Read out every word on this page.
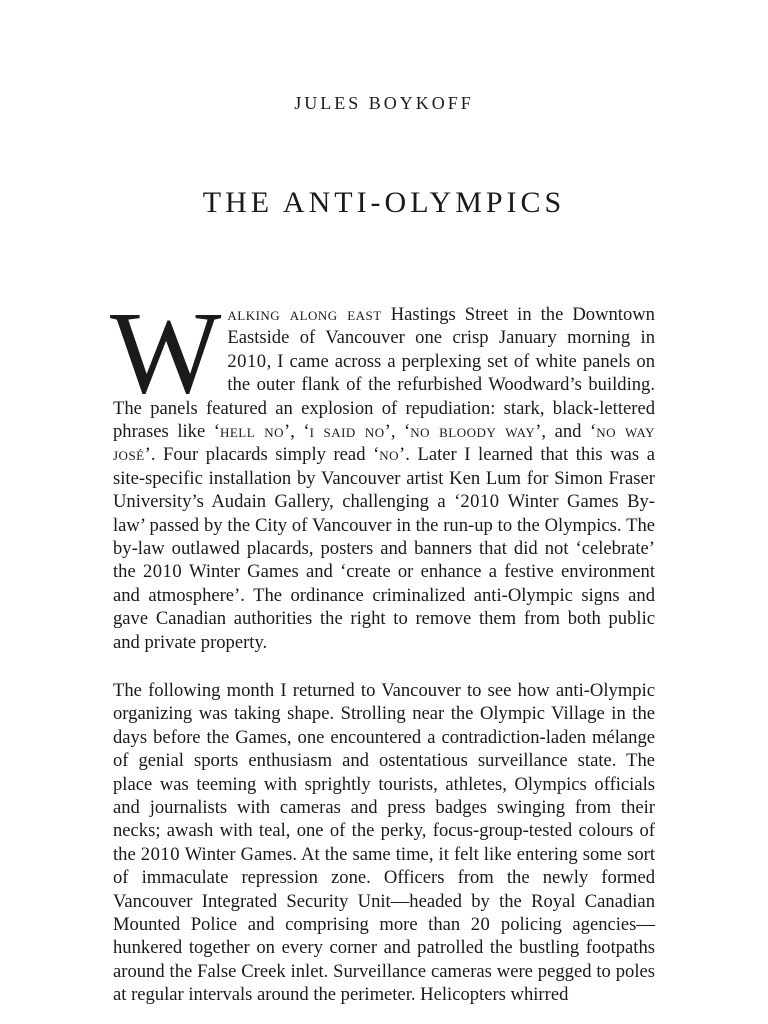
JULES BOYKOFF
THE ANTI-OLYMPICS
Walking along east Hastings Street in the Downtown Eastside of Vancouver one crisp January morning in 2010, I came across a perplexing set of white panels on the outer flank of the refurbished Woodward’s building. The panels featured an explosion of repudiation: stark, black-lettered phrases like ‘hell no’, ‘i said no’, ‘no bloody way’, and ‘no way josé’. Four placards simply read ‘no’. Later I learned that this was a site-specific installation by Vancouver artist Ken Lum for Simon Fraser University’s Audain Gallery, challenging a ‘2010 Winter Games By-law’ passed by the City of Vancouver in the run-up to the Olympics. The by-law outlawed placards, posters and banners that did not ‘celebrate’ the 2010 Winter Games and ‘create or enhance a festive environment and atmosphere’. The ordinance criminalized anti-Olympic signs and gave Canadian authorities the right to remove them from both public and private property.
The following month I returned to Vancouver to see how anti-Olympic organizing was taking shape. Strolling near the Olympic Village in the days before the Games, one encountered a contradiction-laden mélange of genial sports enthusiasm and ostentatious surveillance state. The place was teeming with sprightly tourists, athletes, Olympics officials and journalists with cameras and press badges swinging from their necks; awash with teal, one of the perky, focus-group-tested colours of the 2010 Winter Games. At the same time, it felt like entering some sort of immaculate repression zone. Officers from the newly formed Vancouver Integrated Security Unit—headed by the Royal Canadian Mounted Police and comprising more than 20 policing agencies—hunkered together on every corner and patrolled the bustling footpaths around the False Creek inlet. Surveillance cameras were pegged to poles at regular intervals around the perimeter. Helicopters whirred
